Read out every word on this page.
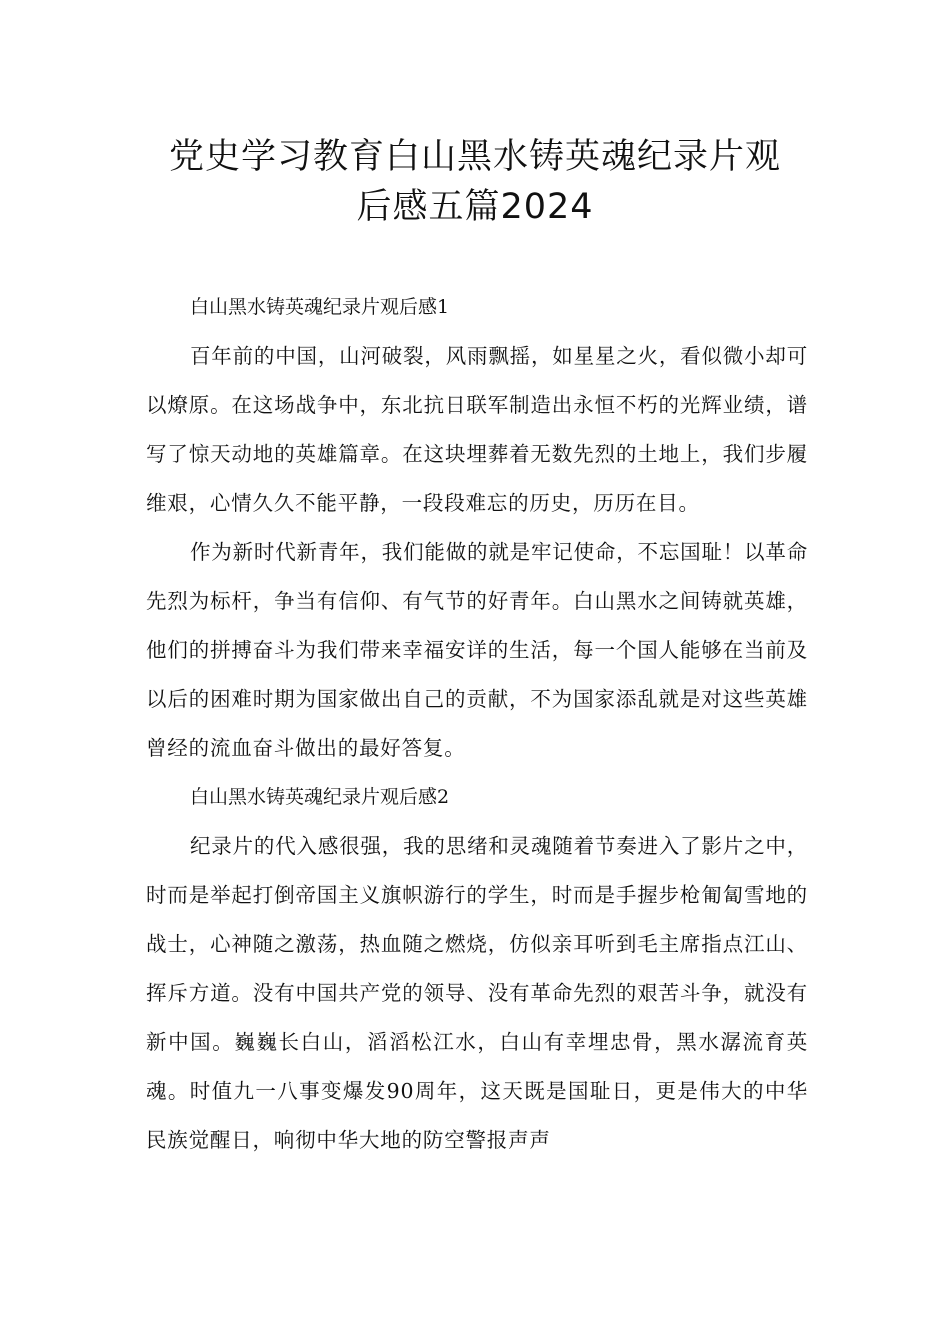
党史学习教育白山黑水铸英魂纪录片观
后感五篇2024

白山黑水铸英魂纪录片观后感1

百年前的中国，山河破裂，风雨飘摇，如星星之火，看似微小却可以燎原。在这场战争中，东北抗日联军制造出永恒不朽的光辉业绩，谱写了惊天动地的英雄篇章。在这块埋葬着无数先烈的土地上，我们步履维艰，心情久久不能平静，一段段难忘的历史，历历在目。

作为新时代新青年，我们能做的就是牢记使命，不忘国耻！以革命先烈为标杆，争当有信仰、有气节的好青年。白山黑水之间铸就英雄，他们的拼搏奋斗为我们带来幸福安详的生活，每一个国人能够在当前及以后的困难时期为国家做出自己的贡献，不为国家添乱就是对这些英雄曾经的流血奋斗做出的最好答复。

白山黑水铸英魂纪录片观后感2

纪录片的代入感很强，我的思绪和灵魂随着节奏进入了影片之中，时而是举起打倒帝国主义旗帜游行的学生，时而是手握步枪匍匐雪地的战士，心神随之激荡，热血随之燃烧，仿似亲耳听到毛主席指点江山、挥斥方道。没有中国共产党的领导、没有革命先烈的艰苦斗争，就没有新中国。巍巍长白山，滔滔松江水，白山有幸埋忠骨，黑水潺流育英魂。时值九一八事变爆发90周年，这天既是国耻日，更是伟大的中华民族觉醒日，响彻中华大地的防空警报声声
